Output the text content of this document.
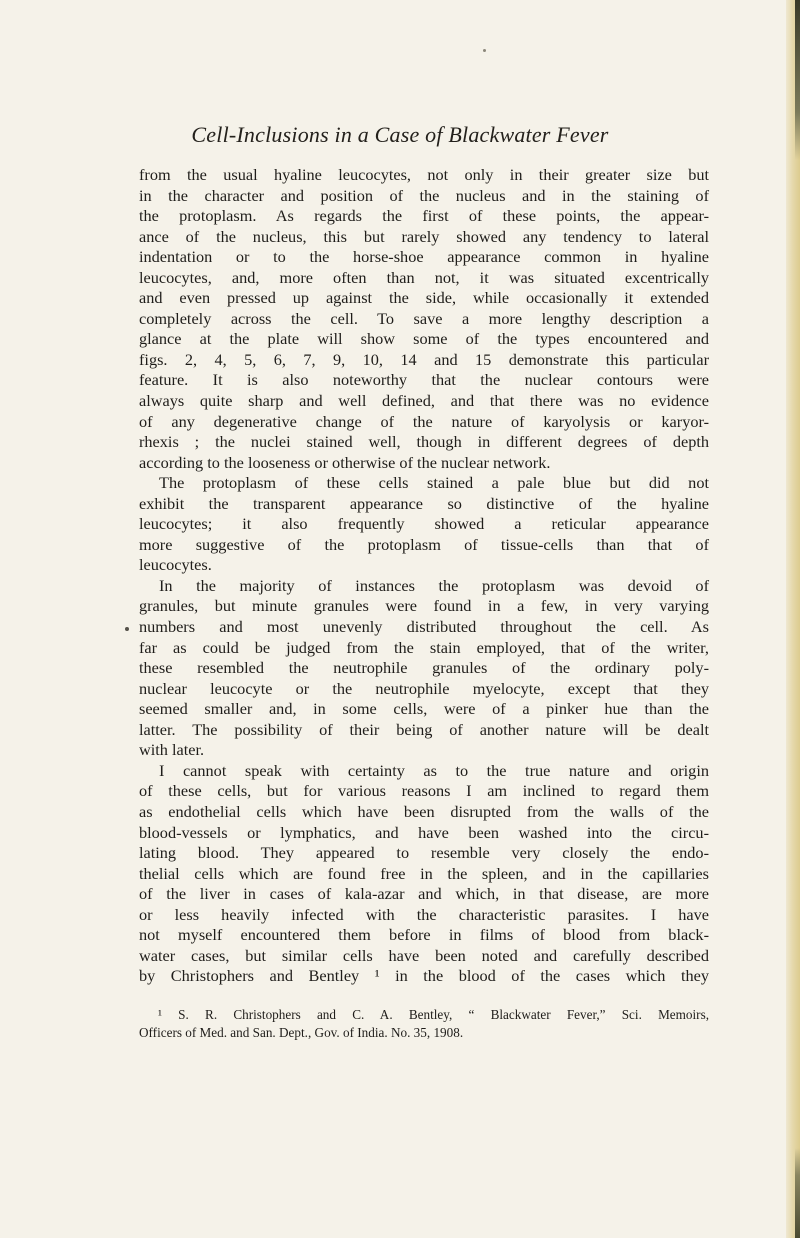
Cell-Inclusions in a Case of Blackwater Fever
from the usual hyaline leucocytes, not only in their greater size but
in the character and position of the nucleus and in the staining of
the protoplasm. As regards the first of these points, the appear-
ance of the nucleus, this but rarely showed any tendency to lateral
indentation or to the horse-shoe appearance common in hyaline
leucocytes, and, more often than not, it was situated excentrically
and even pressed up against the side, while occasionally it extended
completely across the cell. To save a more lengthy description a
glance at the plate will show some of the types encountered and
figs. 2, 4, 5, 6, 7, 9, 10, 14 and 15 demonstrate this particular
feature. It is also noteworthy that the nuclear contours were
always quite sharp and well defined, and that there was no evidence
of any degenerative change of the nature of karyolysis or karyor-
rhexis ; the nuclei stained well, though in different degrees of depth
according to the looseness or otherwise of the nuclear network.
The protoplasm of these cells stained a pale blue but did not
exhibit the transparent appearance so distinctive of the hyaline
leucocytes; it also frequently showed a reticular appearance
more suggestive of the protoplasm of tissue-cells than that of
leucocytes.
In the majority of instances the protoplasm was devoid of
granules, but minute granules were found in a few, in very varying
numbers and most unevenly distributed throughout the cell. As
far as could be judged from the stain employed, that of the writer,
these resembled the neutrophile granules of the ordinary poly-
nuclear leucocyte or the neutrophile myelocyte, except that they
seemed smaller and, in some cells, were of a pinker hue than the
latter. The possibility of their being of another nature will be dealt
with later.
I cannot speak with certainty as to the true nature and origin
of these cells, but for various reasons I am inclined to regard them
as endothelial cells which have been disrupted from the walls of the
blood-vessels or lymphatics, and have been washed into the circu-
lating blood. They appeared to resemble very closely the endo-
thelial cells which are found free in the spleen, and in the capillaries
of the liver in cases of kala-azar and which, in that disease, are more
or less heavily infected with the characteristic parasites. I have
not myself encountered them before in films of blood from black-
water cases, but similar cells have been noted and carefully described
by Christophers and Bentley ¹ in the blood of the cases which they
¹ S. R. Christophers and C. A. Bentley, “ Blackwater Fever,” Sci. Memoirs,
Officers of Med. and San. Dept., Gov. of India. No. 35, 1908.
